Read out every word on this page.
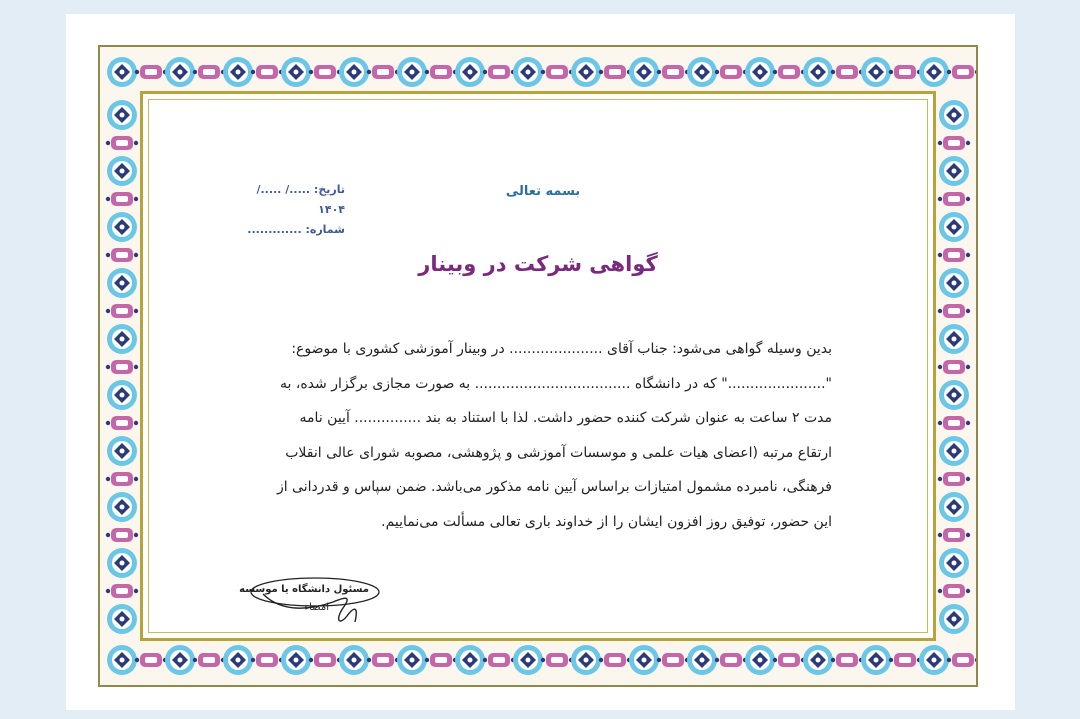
بسمه تعالی
تاریخ: ...../ ...../ ۱۴۰۴
شماره: .............
گواهی شرکت در وبینار
بدین وسیله گواهی می‌شود: جناب آقای ..................... در وبینار آموزشی کشوری با موضوع:
"......................" که در دانشگاه ................................... به صورت مجازی برگزار شده، به
مدت ۲ ساعت به عنوان شرکت کننده حضور داشت. لذا با استناد به بند ............... آیین نامه
ارتقاع مرتبه (اعضای هیات علمی و موسسات آموزشی و پژوهشی، مصوبه شورای عالی انقلاب
فرهنگی، نامبرده مشمول امتیازات براساس آیین نامه مذکور می‌باشد. ضمن سپاس و قدردانی از
این حضور، توفیق روز افزون ایشان را از خداوند باری تعالی مسألت می‌نماییم.
مسئول دانشگاه یا موسسه
امضاء
